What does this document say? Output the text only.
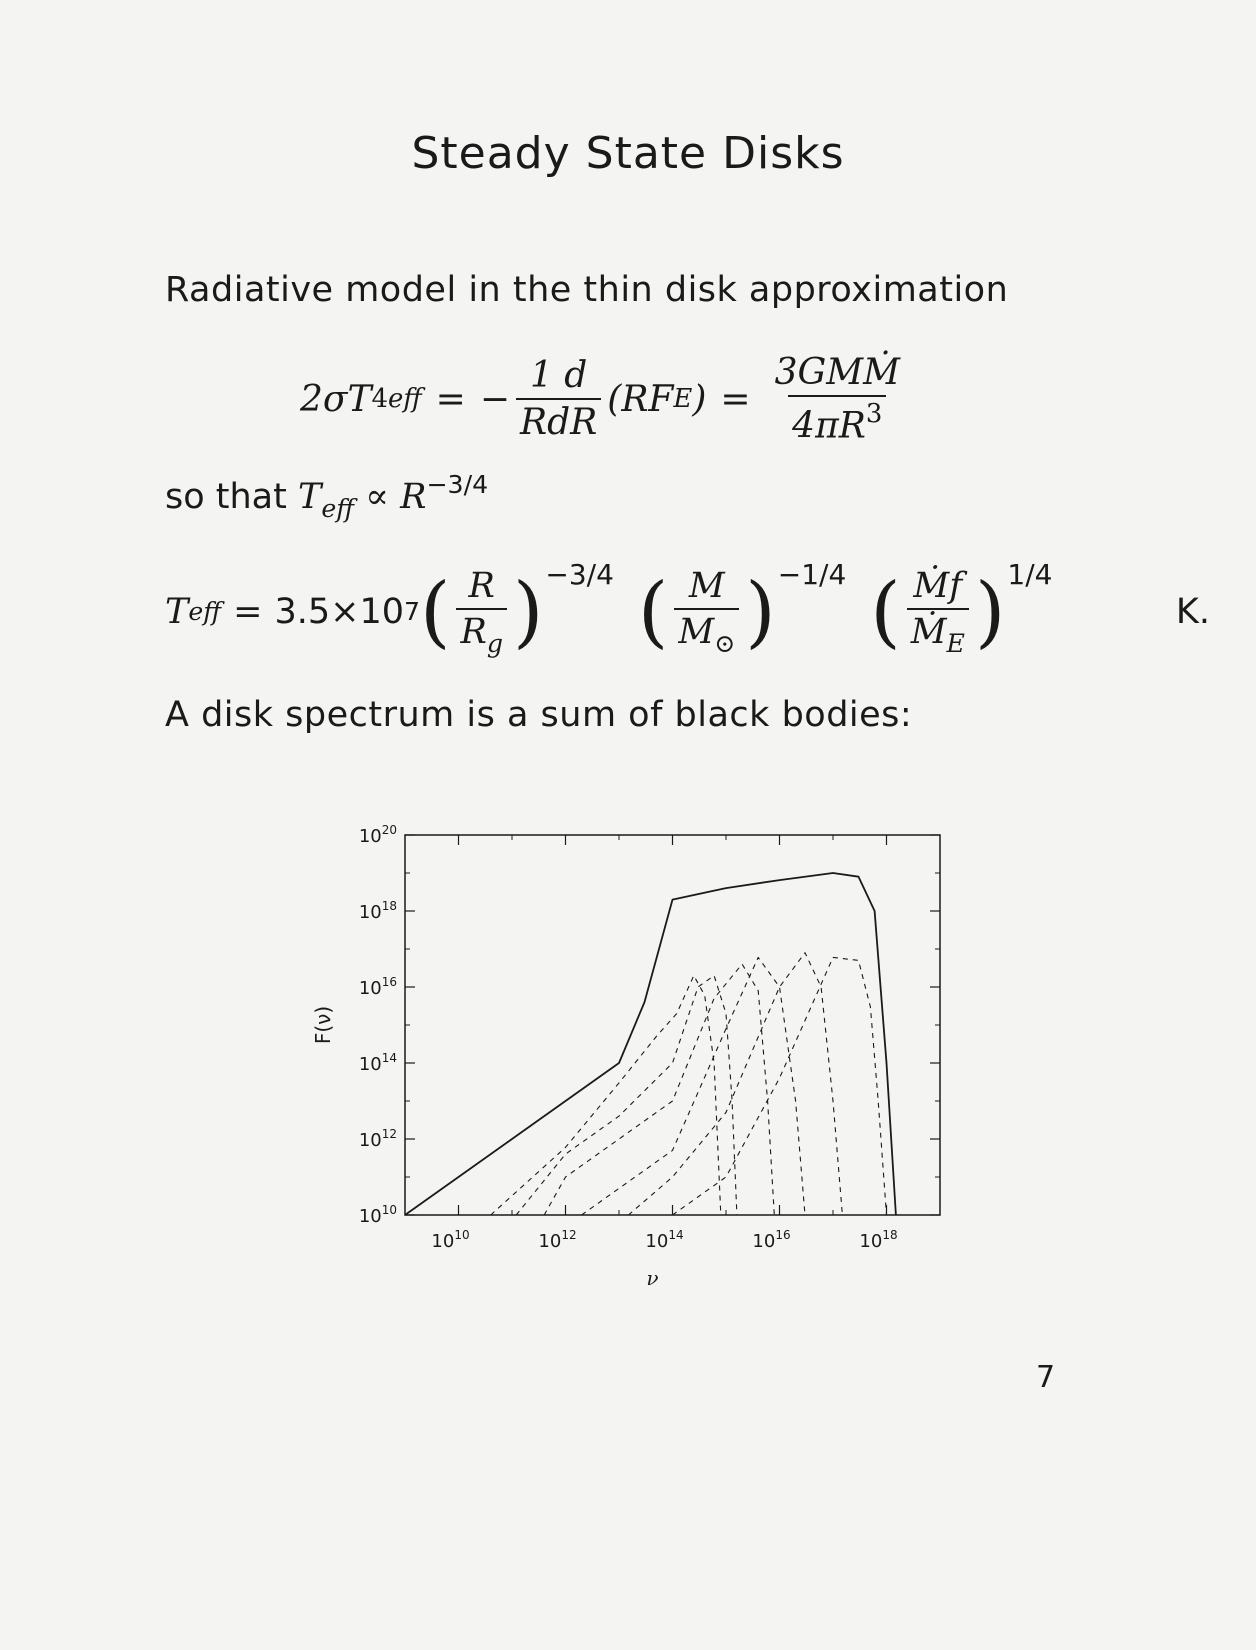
Steady State Disks
Radiative model in the thin disk approximation
2σT 4 eff = − $\frac{1 d}{\text{RdR}} (RF$ E ) = $\frac{\text{3GMṀ}}{4\pi R^3}$
so that $T_{eff} \propto R^{-3/4}$
T eff = 3.5×10 7 ( $\frac{R}{R_g}$ ) −3/4 ( $\frac{M}{M_⊙}$ ) −1/4 ( $\frac{\text{Ṁf}}{Ṁ_E}$ ) 1/4
K.
A disk spectrum is a sum of black bodies:
$10^{10}$
$10^{12}$
$10^{14}$
$10^{16}$
$10^{18}$
$10^{20}$
$10^{10}$	$10^{12}$	$10^{14}$	$10^{16}$	$10^{18}$
ν
F(ν)
7
